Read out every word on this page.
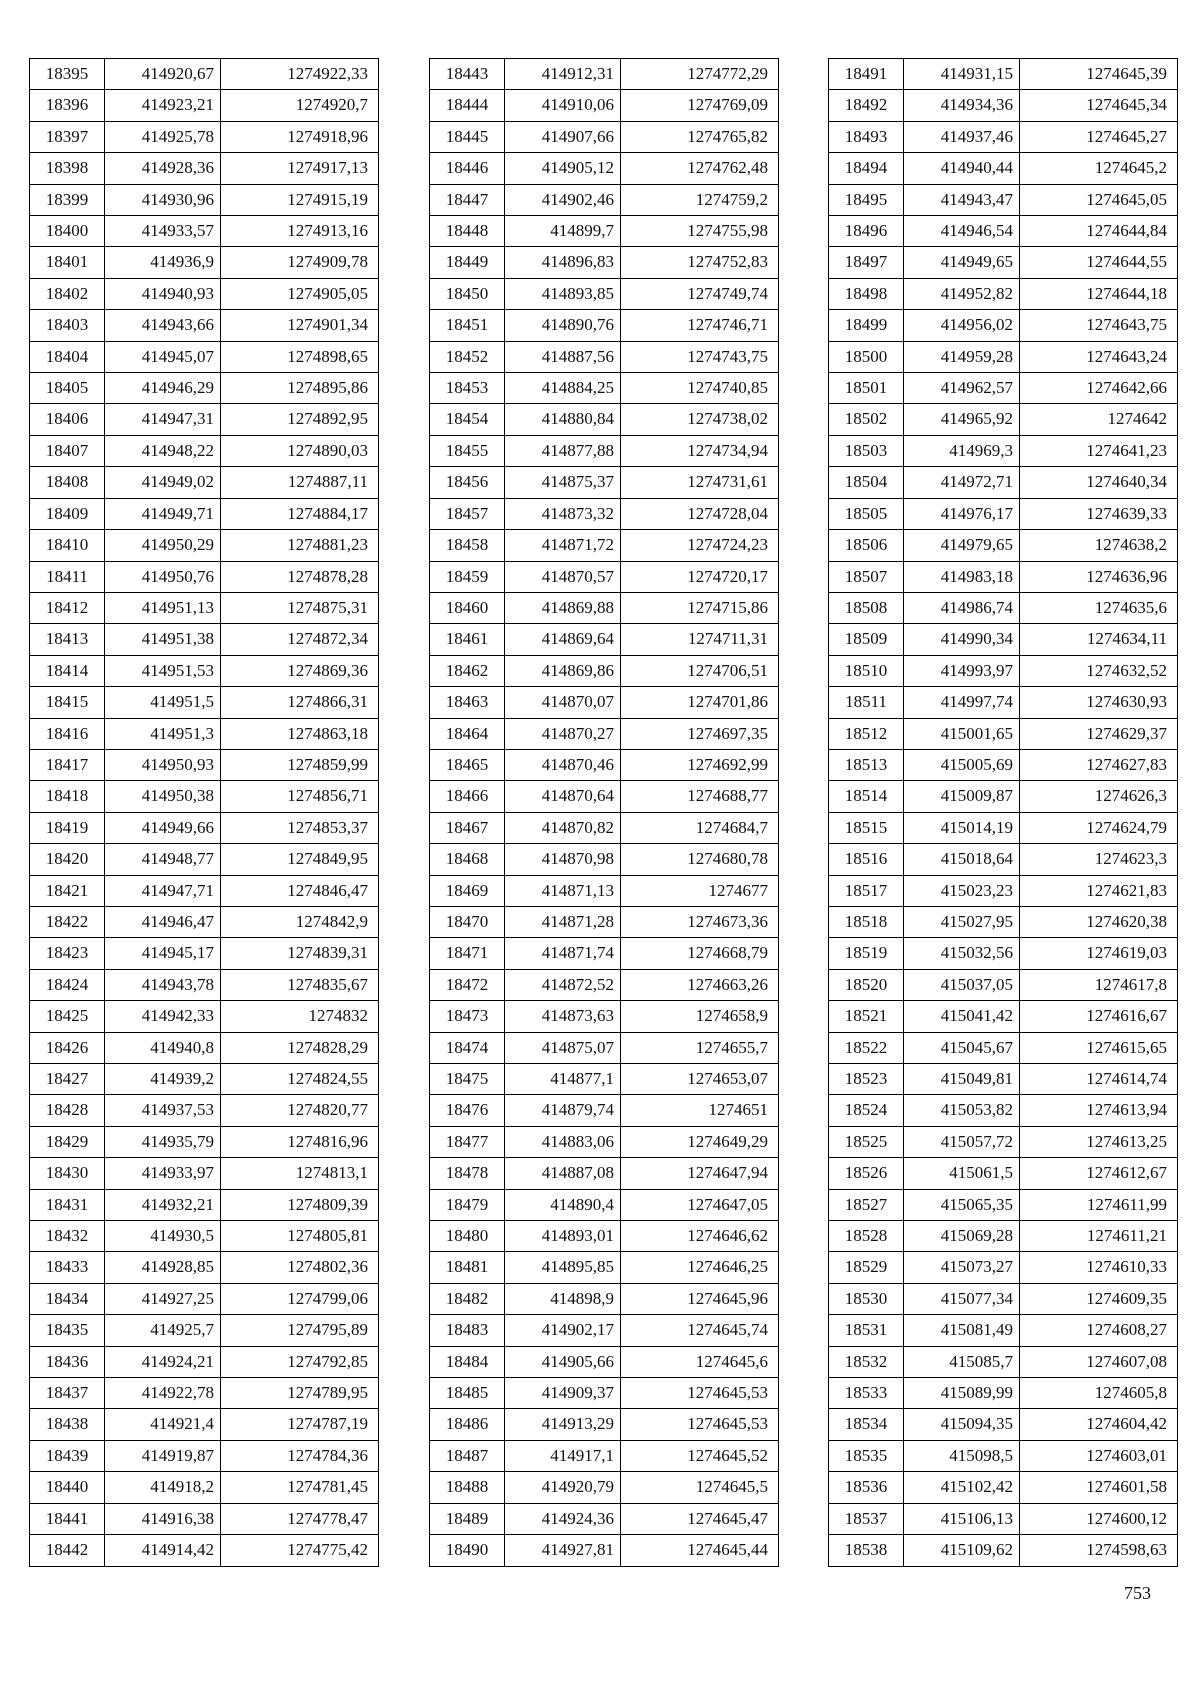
18395	414920,67	1274922,33
18396	414923,21	1274920,7
18397	414925,78	1274918,96
18398	414928,36	1274917,13
18399	414930,96	1274915,19
18400	414933,57	1274913,16
18401	414936,9	1274909,78
18402	414940,93	1274905,05
18403	414943,66	1274901,34
18404	414945,07	1274898,65
18405	414946,29	1274895,86
18406	414947,31	1274892,95
18407	414948,22	1274890,03
18408	414949,02	1274887,11
18409	414949,71	1274884,17
18410	414950,29	1274881,23
18411	414950,76	1274878,28
18412	414951,13	1274875,31
18413	414951,38	1274872,34
18414	414951,53	1274869,36
18415	414951,5	1274866,31
18416	414951,3	1274863,18
18417	414950,93	1274859,99
18418	414950,38	1274856,71
18419	414949,66	1274853,37
18420	414948,77	1274849,95
18421	414947,71	1274846,47
18422	414946,47	1274842,9
18423	414945,17	1274839,31
18424	414943,78	1274835,67
18425	414942,33	1274832
18426	414940,8	1274828,29
18427	414939,2	1274824,55
18428	414937,53	1274820,77
18429	414935,79	1274816,96
18430	414933,97	1274813,1
18431	414932,21	1274809,39
18432	414930,5	1274805,81
18433	414928,85	1274802,36
18434	414927,25	1274799,06
18435	414925,7	1274795,89
18436	414924,21	1274792,85
18437	414922,78	1274789,95
18438	414921,4	1274787,19
18439	414919,87	1274784,36
18440	414918,2	1274781,45
18441	414916,38	1274778,47
18442	414914,42	1274775,42
18443	414912,31	1274772,29
18444	414910,06	1274769,09
18445	414907,66	1274765,82
18446	414905,12	1274762,48
18447	414902,46	1274759,2
18448	414899,7	1274755,98
18449	414896,83	1274752,83
18450	414893,85	1274749,74
18451	414890,76	1274746,71
18452	414887,56	1274743,75
18453	414884,25	1274740,85
18454	414880,84	1274738,02
18455	414877,88	1274734,94
18456	414875,37	1274731,61
18457	414873,32	1274728,04
18458	414871,72	1274724,23
18459	414870,57	1274720,17
18460	414869,88	1274715,86
18461	414869,64	1274711,31
18462	414869,86	1274706,51
18463	414870,07	1274701,86
18464	414870,27	1274697,35
18465	414870,46	1274692,99
18466	414870,64	1274688,77
18467	414870,82	1274684,7
18468	414870,98	1274680,78
18469	414871,13	1274677
18470	414871,28	1274673,36
18471	414871,74	1274668,79
18472	414872,52	1274663,26
18473	414873,63	1274658,9
18474	414875,07	1274655,7
18475	414877,1	1274653,07
18476	414879,74	1274651
18477	414883,06	1274649,29
18478	414887,08	1274647,94
18479	414890,4	1274647,05
18480	414893,01	1274646,62
18481	414895,85	1274646,25
18482	414898,9	1274645,96
18483	414902,17	1274645,74
18484	414905,66	1274645,6
18485	414909,37	1274645,53
18486	414913,29	1274645,53
18487	414917,1	1274645,52
18488	414920,79	1274645,5
18489	414924,36	1274645,47
18490	414927,81	1274645,44
18491	414931,15	1274645,39
18492	414934,36	1274645,34
18493	414937,46	1274645,27
18494	414940,44	1274645,2
18495	414943,47	1274645,05
18496	414946,54	1274644,84
18497	414949,65	1274644,55
18498	414952,82	1274644,18
18499	414956,02	1274643,75
18500	414959,28	1274643,24
18501	414962,57	1274642,66
18502	414965,92	1274642
18503	414969,3	1274641,23
18504	414972,71	1274640,34
18505	414976,17	1274639,33
18506	414979,65	1274638,2
18507	414983,18	1274636,96
18508	414986,74	1274635,6
18509	414990,34	1274634,11
18510	414993,97	1274632,52
18511	414997,74	1274630,93
18512	415001,65	1274629,37
18513	415005,69	1274627,83
18514	415009,87	1274626,3
18515	415014,19	1274624,79
18516	415018,64	1274623,3
18517	415023,23	1274621,83
18518	415027,95	1274620,38
18519	415032,56	1274619,03
18520	415037,05	1274617,8
18521	415041,42	1274616,67
18522	415045,67	1274615,65
18523	415049,81	1274614,74
18524	415053,82	1274613,94
18525	415057,72	1274613,25
18526	415061,5	1274612,67
18527	415065,35	1274611,99
18528	415069,28	1274611,21
18529	415073,27	1274610,33
18530	415077,34	1274609,35
18531	415081,49	1274608,27
18532	415085,7	1274607,08
18533	415089,99	1274605,8
18534	415094,35	1274604,42
18535	415098,5	1274603,01
18536	415102,42	1274601,58
18537	415106,13	1274600,12
18538	415109,62	1274598,63
753
